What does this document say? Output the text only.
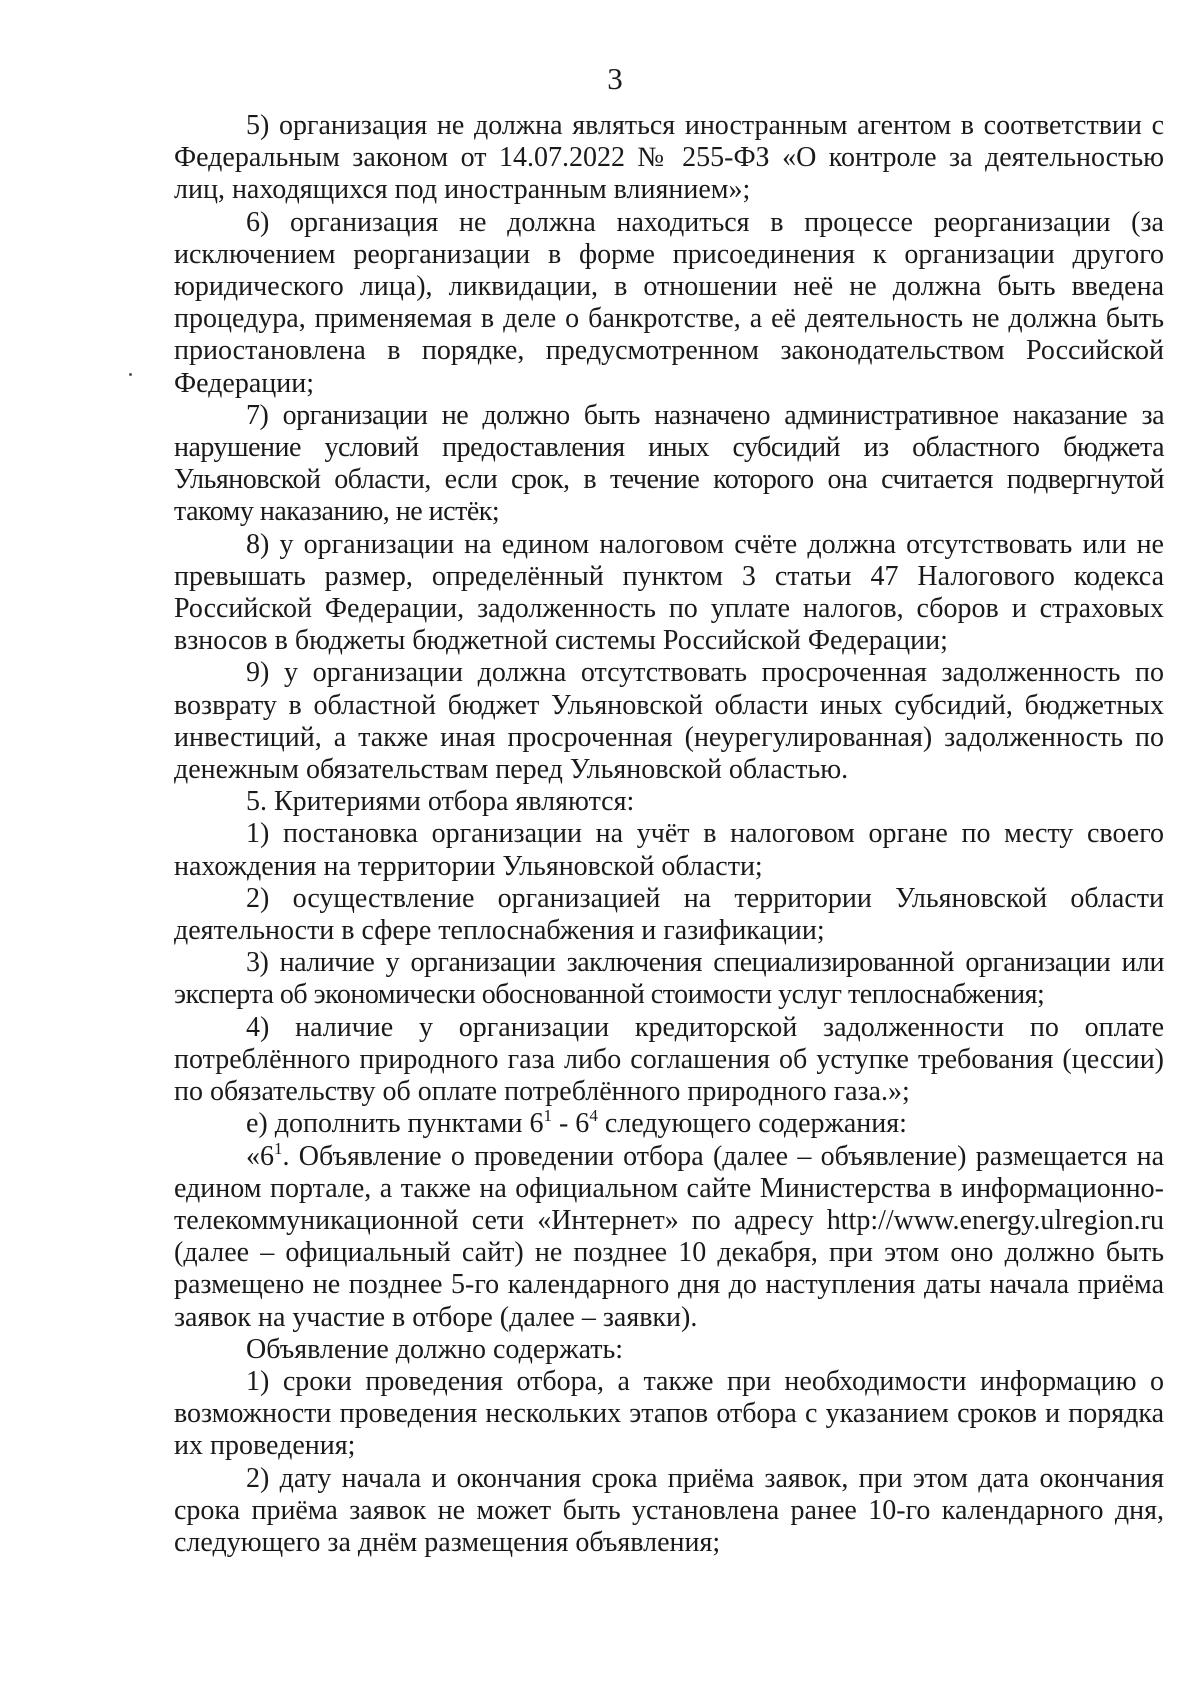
3

5) организация не должна являться иностранным агентом в соответствии с Федеральным законом от 14.07.2022 № 255-ФЗ «О контроле за деятельностью лиц, находящихся под иностранным влиянием»;

6) организация не должна находиться в процессе реорганизации (за исключением реорганизации в форме присоединения к организации другого юридического лица), ликвидации, в отношении неё не должна быть введена процедура, применяемая в деле о банкротстве, а её деятельность не должна быть приостановлена в порядке, предусмотренном законодательством Российской Федерации;

7) организации не должно быть назначено административное наказание за нарушение условий предоставления иных субсидий из областного бюджета Ульяновской области, если срок, в течение которого она считается подвергнутой такому наказанию, не истёк;

8) у организации на едином налоговом счёте должна отсутствовать или не превышать размер, определённый пунктом 3 статьи 47 Налогового кодекса Российской Федерации, задолженность по уплате налогов, сборов и страховых взносов в бюджеты бюджетной системы Российской Федерации;

9) у организации должна отсутствовать просроченная задолженность по возврату в областной бюджет Ульяновской области иных субсидий, бюджетных инвестиций, а также иная просроченная (неурегулированная) задолженность по денежным обязательствам перед Ульяновской областью.

5. Критериями отбора являются:

1) постановка организации на учёт в налоговом органе по месту своего нахождения на территории Ульяновской области;

2) осуществление организацией на территории Ульяновской области деятельности в сфере теплоснабжения и газификации;

3) наличие у организации заключения специализированной организации или эксперта об экономически обоснованной стоимости услуг теплоснабжения;

4) наличие у организации кредиторской задолженности по оплате потреблённого природного газа либо соглашения об уступке требования (цессии) по обязательству об оплате потреблённого природного газа.»;

е) дополнить пунктами $6^1 - 6^4$ следующего содержания:

«$6^1$. Объявление о проведении отбора (далее – объявление) размещается на едином портале, а также на официальном сайте Министерства в информационно-телекоммуникационной сети «Интернет» по адресу http://www.energy.ulregion.ru (далее – официальный сайт) не позднее 10 декабря, при этом оно должно быть размещено не позднее 5-го календарного дня до наступления даты начала приёма заявок на участие в отборе (далее – заявки).

Объявление должно содержать:

1) сроки проведения отбора, а также при необходимости информацию о возможности проведения нескольких этапов отбора с указанием сроков и порядка их проведения;

2) дату начала и окончания срока приёма заявок, при этом дата окончания срока приёма заявок не может быть установлена ранее 10-го календарного дня, следующего за днём размещения объявления;
